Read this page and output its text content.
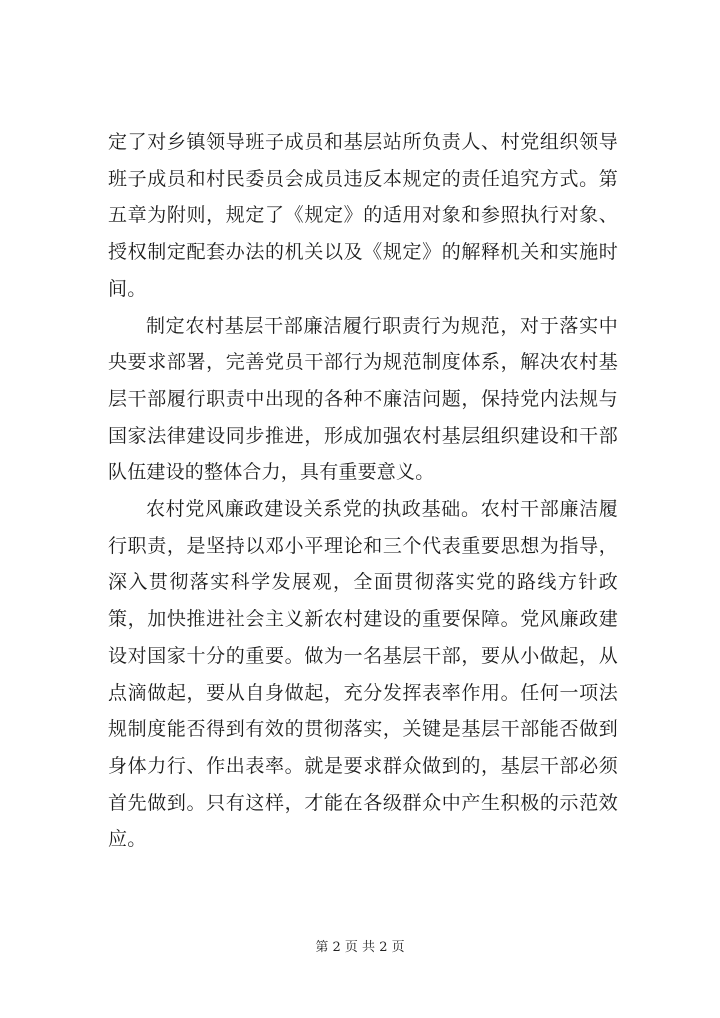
定了对乡镇领导班子成员和基层站所负责人、村党组织领导班子成员和村民委员会成员违反本规定的责任追究方式。第五章为附则，规定了《规定》的适用对象和参照执行对象、授权制定配套办法的机关以及《规定》的解释机关和实施时间。

制定农村基层干部廉洁履行职责行为规范，对于落实中央要求部署，完善党员干部行为规范制度体系，解决农村基层干部履行职责中出现的各种不廉洁问题，保持党内法规与国家法律建设同步推进，形成加强农村基层组织建设和干部队伍建设的整体合力，具有重要意义。

农村党风廉政建设关系党的执政基础。农村干部廉洁履行职责，是坚持以邓小平理论和三个代表重要思想为指导，深入贯彻落实科学发展观，全面贯彻落实党的路线方针政策，加快推进社会主义新农村建设的重要保障。党风廉政建设对国家十分的重要。做为一名基层干部，要从小做起，从点滴做起，要从自身做起，充分发挥表率作用。任何一项法规制度能否得到有效的贯彻落实，关键是基层干部能否做到身体力行、作出表率。就是要求群众做到的，基层干部必须首先做到。只有这样，才能在各级群众中产生积极的示范效应。

第 2 页 共 2 页
